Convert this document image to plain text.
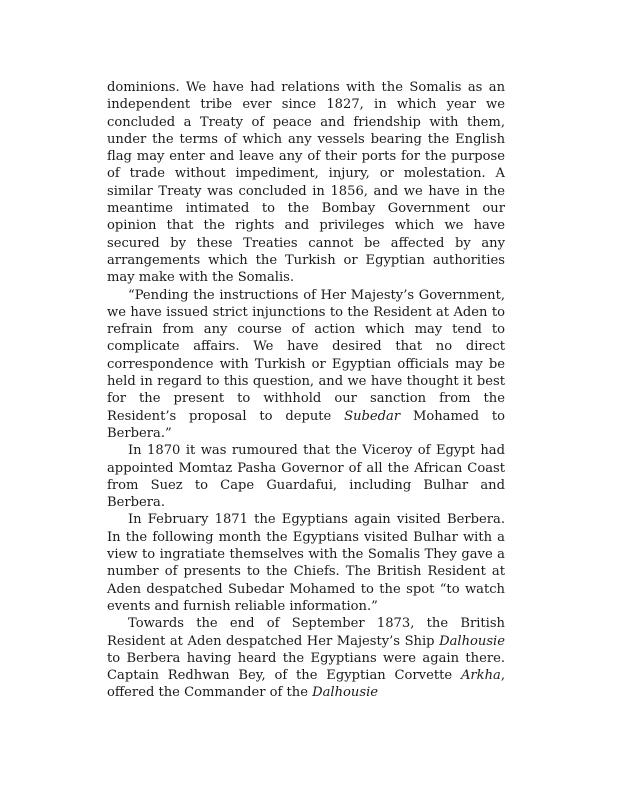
dominions. We have had relations with the Somalis as an independent tribe ever since 1827, in which year we concluded a Treaty of peace and friendship with them, under the terms of which any vessels bearing the English flag may enter and leave any of their ports for the purpose of trade without impediment, injury, or molestation. A similar Treaty was concluded in 1856, and we have in the meantime intimated to the Bombay Government our opinion that the rights and privileges which we have secured by these Treaties cannot be affected by any arrangements which the Turkish or Egyptian authorities may make with the Somalis.

“Pending the instructions of Her Majesty’s Government, we have issued strict injunctions to the Resident at Aden to refrain from any course of action which may tend to complicate affairs. We have desired that no direct correspondence with Turkish or Egyptian officials may be held in regard to this question, and we have thought it best for the present to withhold our sanction from the Resident’s proposal to depute Subedar Mohamed to Berbera.”

In 1870 it was rumoured that the Viceroy of Egypt had appointed Momtaz Pasha Governor of all the African Coast from Suez to Cape Guardafui, including Bulhar and Berbera.

In February 1871 the Egyptians again visited Berbera. In the following month the Egyptians visited Bulhar with a view to ingratiate themselves with the Somalis They gave a number of presents to the Chiefs. The British Resident at Aden despatched Subedar Mohamed to the spot “to watch events and furnish reliable information.”

Towards the end of September 1873, the British Resident at Aden despatched Her Majesty’s Ship Dalhousie to Berbera having heard the Egyptians were again there. Captain Redhwan Bey, of the Egyptian Corvette Arkha, offered the Commander of the Dalhousie
